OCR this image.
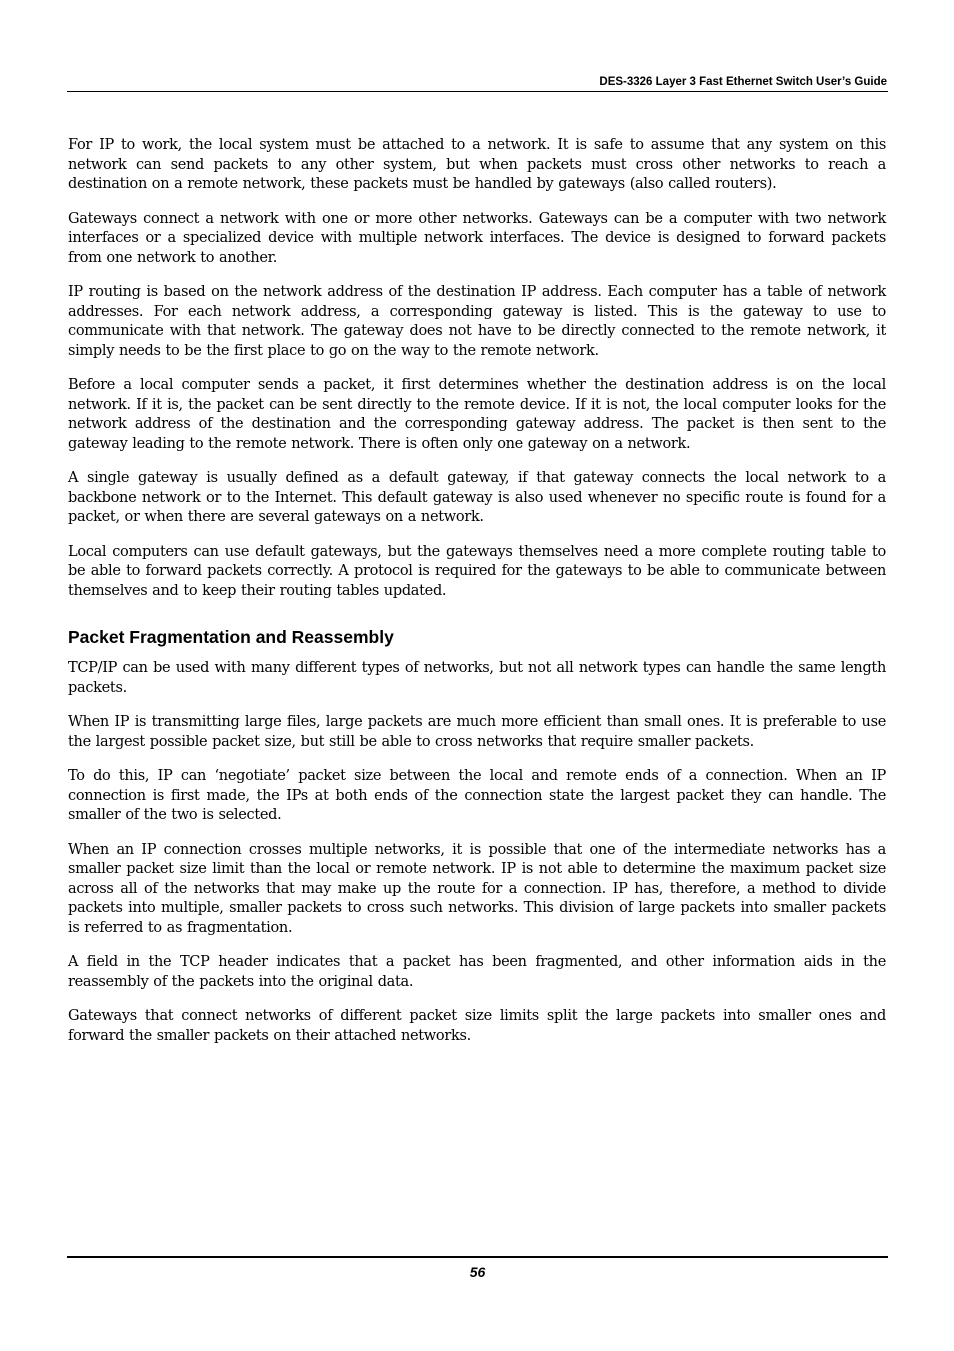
DES-3326 Layer 3 Fast Ethernet Switch User’s Guide

For IP to work, the local system must be attached to a network. It is safe to assume that any system on this network can send packets to any other system, but when packets must cross other networks to reach a destination on a remote network, these packets must be handled by gateways (also called routers).

Gateways connect a network with one or more other networks. Gateways can be a computer with two network interfaces or a specialized device with multiple network interfaces. The device is designed to forward packets from one network to another.

IP routing is based on the network address of the destination IP address. Each computer has a table of network addresses. For each network address, a corresponding gateway is listed. This is the gateway to use to communicate with that network. The gateway does not have to be directly connected to the remote network, it simply needs to be the first place to go on the way to the remote network.

Before a local computer sends a packet, it first determines whether the destination address is on the local network. If it is, the packet can be sent directly to the remote device. If it is not, the local computer looks for the network address of the destination and the corresponding gateway address. The packet is then sent to the gateway leading to the remote network. There is often only one gateway on a network.

A single gateway is usually defined as a default gateway, if that gateway connects the local network to a backbone network or to the Internet. This default gateway is also used whenever no specific route is found for a packet, or when there are several gateways on a network.

Local computers can use default gateways, but the gateways themselves need a more complete routing table to be able to forward packets correctly. A protocol is required for the gateways to be able to communicate between themselves and to keep their routing tables updated.

Packet Fragmentation and Reassembly

TCP/IP can be used with many different types of networks, but not all network types can handle the same length packets.

When IP is transmitting large files, large packets are much more efficient than small ones. It is preferable to use the largest possible packet size, but still be able to cross networks that require smaller packets.

To do this, IP can ‘negotiate’ packet size between the local and remote ends of a connection. When an IP connection is first made, the IPs at both ends of the connection state the largest packet they can handle. The smaller of the two is selected.

When an IP connection crosses multiple networks, it is possible that one of the intermediate networks has a smaller packet size limit than the local or remote network. IP is not able to determine the maximum packet size across all of the networks that may make up the route for a connection. IP has, therefore, a method to divide packets into multiple, smaller packets to cross such networks. This division of large packets into smaller packets is referred to as fragmentation.

A field in the TCP header indicates that a packet has been fragmented, and other information aids in the reassembly of the packets into the original data.

Gateways that connect networks of different packet size limits split the large packets into smaller ones and forward the smaller packets on their attached networks.

56
